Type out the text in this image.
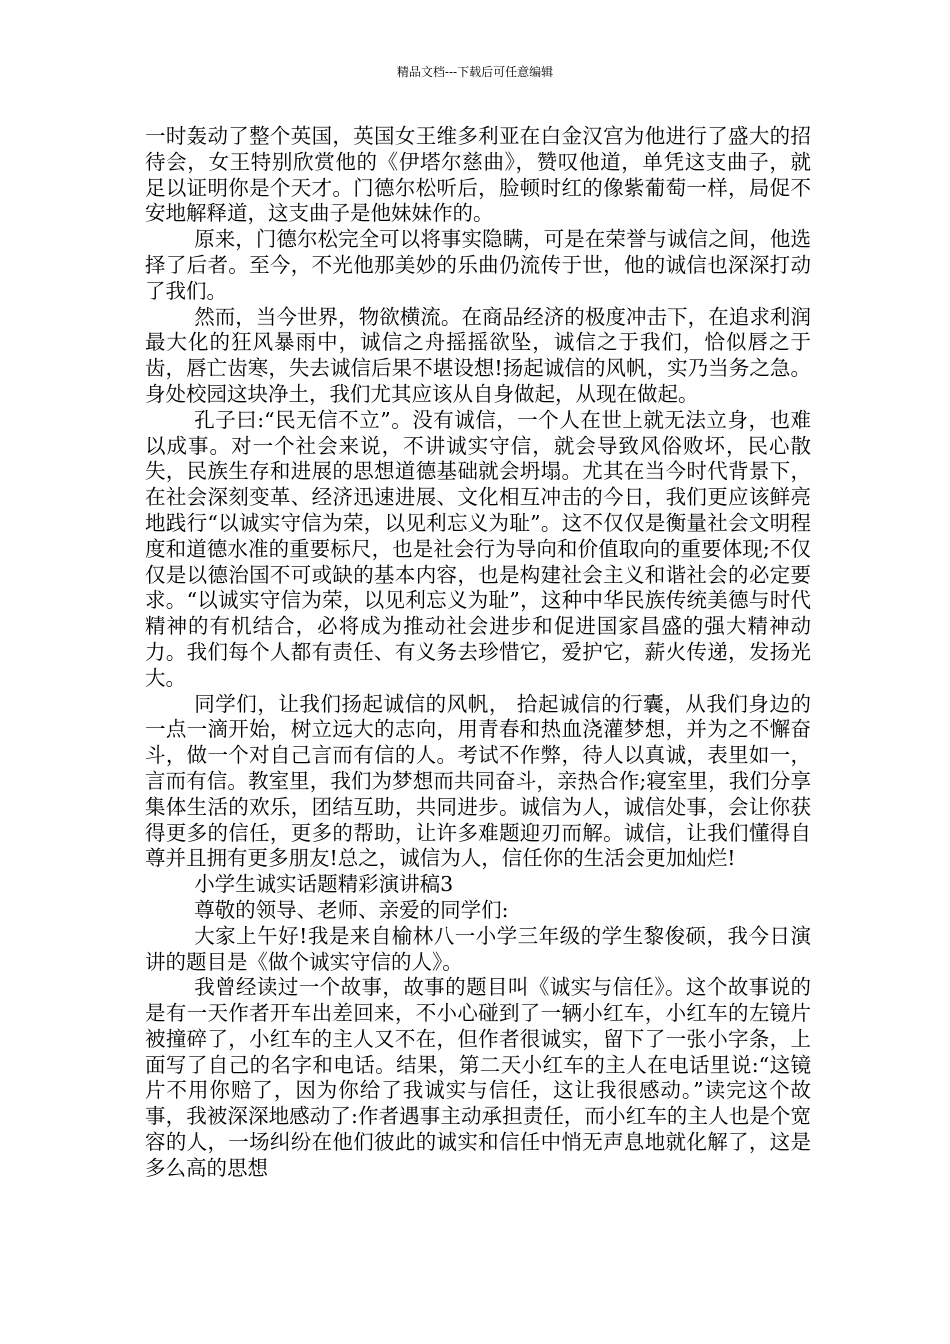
精品文档---下载后可任意编辑

一时轰动了整个英国，英国女王维多利亚在白金汉宫为他进行了盛大的招待会，女王特别欣赏他的《伊塔尔慈曲》，赞叹他道，单凭这支曲子，就足以证明你是个天才。门德尔松听后，脸顿时红的像紫葡萄一样，局促不安地解释道，这支曲子是他妹妹作的。

原来，门德尔松完全可以将事实隐瞒，可是在荣誉与诚信之间，他选择了后者。至今，不光他那美妙的乐曲仍流传于世，他的诚信也深深打动了我们。

然而，当今世界，物欲横流。在商品经济的极度冲击下，在追求利润最大化的狂风暴雨中，诚信之舟摇摇欲坠，诚信之于我们，恰似唇之于齿，唇亡齿寒，失去诚信后果不堪设想!扬起诚信的风帆，实乃当务之急。身处校园这块净土，我们尤其应该从自身做起，从现在做起。

孔子曰:“民无信不立”。没有诚信，一个人在世上就无法立身，也难以成事。对一个社会来说，不讲诚实守信，就会导致风俗败坏，民心散失，民族生存和进展的思想道德基础就会坍塌。尤其在当今时代背景下，在社会深刻变革、经济迅速进展、文化相互冲击的今日，我们更应该鲜亮地践行“以诚实守信为荣，以见利忘义为耻”。这不仅仅是衡量社会文明程度和道德水准的重要标尺，也是社会行为导向和价值取向的重要体现;不仅仅是以德治国不可或缺的基本内容，也是构建社会主义和谐社会的必定要求。“以诚实守信为荣，以见利忘义为耻”，这种中华民族传统美德与时代精神的有机结合，必将成为推动社会进步和促进国家昌盛的强大精神动力。我们每个人都有责任、有义务去珍惜它，爱护它，薪火传递，发扬光大。

同学们，让我们扬起诚信的风帆， 拾起诚信的行囊，从我们身边的一点一滴开始，树立远大的志向，用青春和热血浇灌梦想，并为之不懈奋斗，做一个对自己言而有信的人。考试不作弊，待人以真诚，表里如一，言而有信。教室里，我们为梦想而共同奋斗，亲热合作;寝室里，我们分享集体生活的欢乐，团结互助，共同进步。诚信为人，诚信处事，会让你获得更多的信任，更多的帮助，让许多难题迎刃而解。诚信，让我们懂得自尊并且拥有更多朋友!总之，诚信为人，信任你的生活会更加灿烂!

小学生诚实话题精彩演讲稿3

尊敬的领导、老师、亲爱的同学们:

大家上午好!我是来自榆林八一小学三年级的学生黎俊硕，我今日演讲的题目是《做个诚实守信的人》。

我曾经读过一个故事，故事的题目叫《诚实与信任》。这个故事说的是有一天作者开车出差回来，不小心碰到了一辆小红车，小红车的左镜片被撞碎了，小红车的主人又不在，但作者很诚实，留下了一张小字条，上面写了自己的名字和电话。结果，第二天小红车的主人在电话里说:“这镜片不用你赔了，因为你给了我诚实与信任，这让我很感动。”读完这个故事，我被深深地感动了:作者遇事主动承担责任，而小红车的主人也是个宽容的人，一场纠纷在他们彼此的诚实和信任中悄无声息地就化解了，这是多么高的思想
